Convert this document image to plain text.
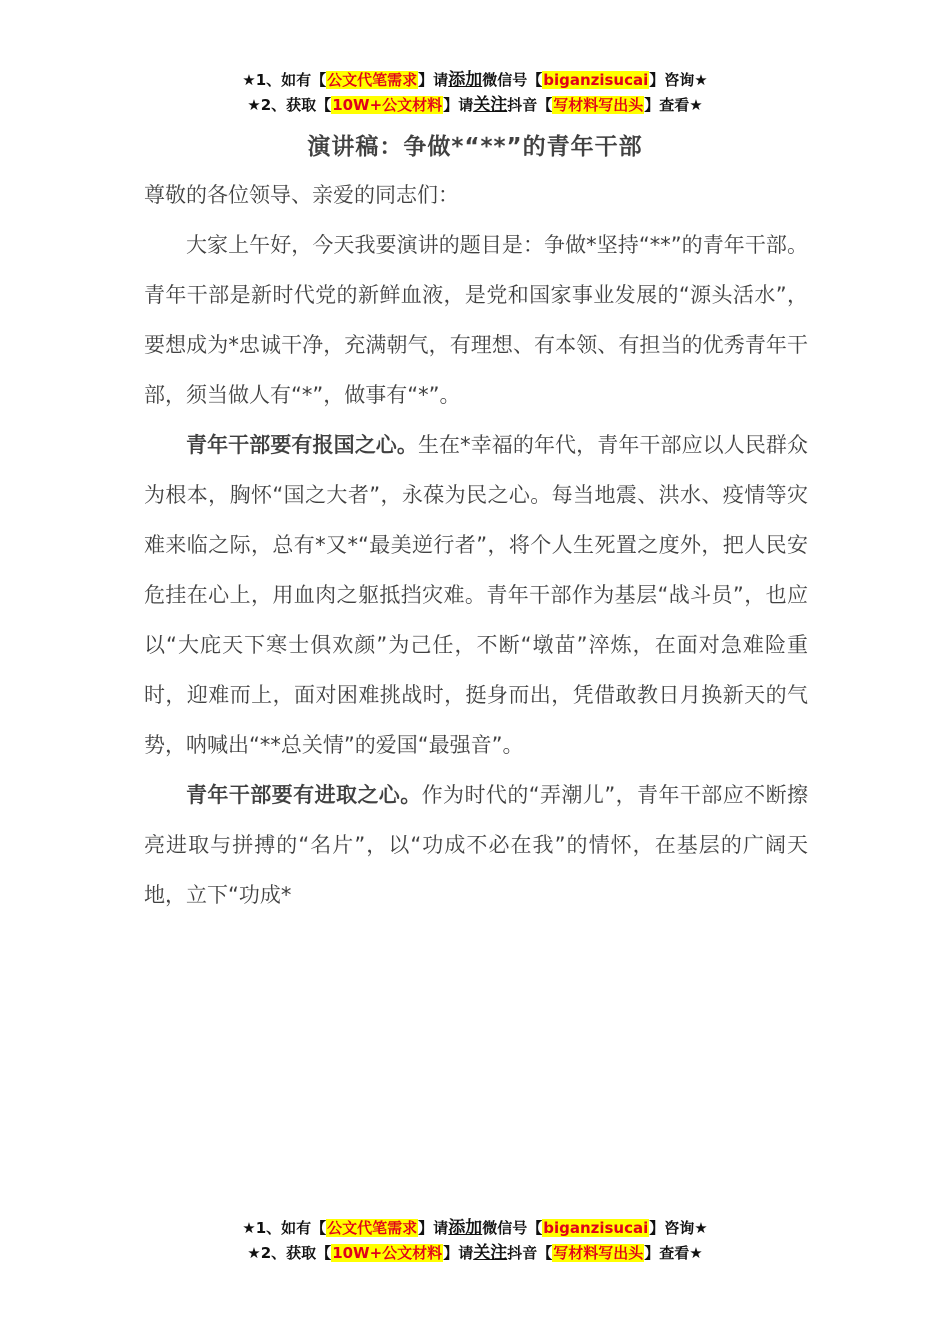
★1、如有【公文代笔需求】请添加微信号【biganzisucai】咨询★
★2、获取【10W+公文材料】请关注抖音【写材料写出头】查看★
演讲稿：争做*“**”的青年干部

尊敬的各位领导、亲爱的同志们：

大家上午好，今天我要演讲的题目是：争做*坚持“**”的青年干部。青年干部是新时代党的新鲜血液，是党和国家事业发展的“源头活水”，要想成为*忠诚干净，充满朝气，有理想、有本领、有担当的优秀青年干部，须当做人有“*”，做事有“*”。

青年干部要有报国之心。生在*幸福的年代，青年干部应以人民群众为根本，胸怀“国之大者”，永葆为民之心。每当地震、洪水、疫情等灾难来临之际，总有*又*“最美逆行者”，将个人生死置之度外，把人民安危挂在心上，用血肉之躯抵挡灾难。青年干部作为基层“战斗员”，也应以“大庇天下寒士俱欢颜”为己任，不断“墩苗”淬炼，在面对急难险重时，迎难而上，面对困难挑战时，挺身而出，凭借敢教日月换新天的气势，呐喊出“**总关情”的爱国“最强音”。

青年干部要有进取之心。作为时代的“弄潮儿”，青年干部应不断擦亮进取与拼搏的“名片”，以“功成不必在我”的情怀，在基层的广阔天地，立下“功成*

★1、如有【公文代笔需求】请添加微信号【biganzisucai】咨询★
★2、获取【10W+公文材料】请关注抖音【写材料写出头】查看★
